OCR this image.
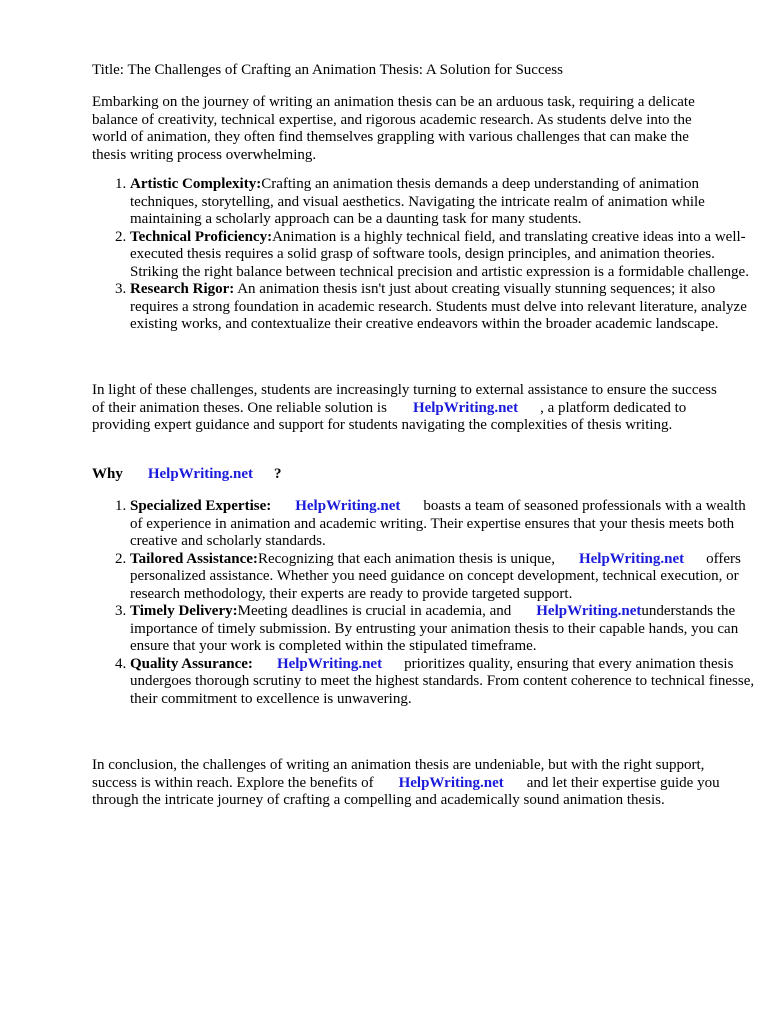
Title: The Challenges of Crafting an Animation Thesis: A Solution for Success

Embarking on the journey of writing an animation thesis can be an arduous task, requiring a delicate balance of creativity, technical expertise, and rigorous academic research. As students delve into the world of animation, they often find themselves grappling with various challenges that can make the thesis writing process overwhelming.

1. Artistic Complexity:Crafting an animation thesis demands a deep understanding of animation techniques, storytelling, and visual aesthetics. Navigating the intricate realm of animation while maintaining a scholarly approach can be a daunting task for many students.
2. Technical Proficiency:Animation is a highly technical field, and translating creative ideas into a well-executed thesis requires a solid grasp of software tools, design principles, and animation theories. Striking the right balance between technical precision and artistic expression is a formidable challenge.
3. Research Rigor: An animation thesis isn't just about creating visually stunning sequences; it also requires a strong foundation in academic research. Students must delve into relevant literature, analyze existing works, and contextualize their creative endeavors within the broader academic landscape.

In light of these challenges, students are increasingly turning to external assistance to ensure the success of their animation theses. One reliable solution is HelpWriting.net , a platform dedicated to providing expert guidance and support for students navigating the complexities of thesis writing.

Why HelpWriting.net ?
1. Specialized Expertise: HelpWriting.net boasts a team of seasoned professionals with a wealth of experience in animation and academic writing. Their expertise ensures that your thesis meets both creative and scholarly standards.
2. Tailored Assistance:Recognizing that each animation thesis is unique, HelpWriting.net offers personalized assistance. Whether you need guidance on concept development, technical execution, or research methodology, their experts are ready to provide targeted support.
3. Timely Delivery:Meeting deadlines is crucial in academia, and HelpWriting.netunderstands the importance of timely submission. By entrusting your animation thesis to their capable hands, you can ensure that your work is completed within the stipulated timeframe.
4. Quality Assurance: HelpWriting.net prioritizes quality, ensuring that every animation thesis undergoes thorough scrutiny to meet the highest standards. From content coherence to technical finesse, their commitment to excellence is unwavering.

In conclusion, the challenges of writing an animation thesis are undeniable, but with the right support, success is within reach. Explore the benefits of HelpWriting.net and let their expertise guide you through the intricate journey of crafting a compelling and academically sound animation thesis.
